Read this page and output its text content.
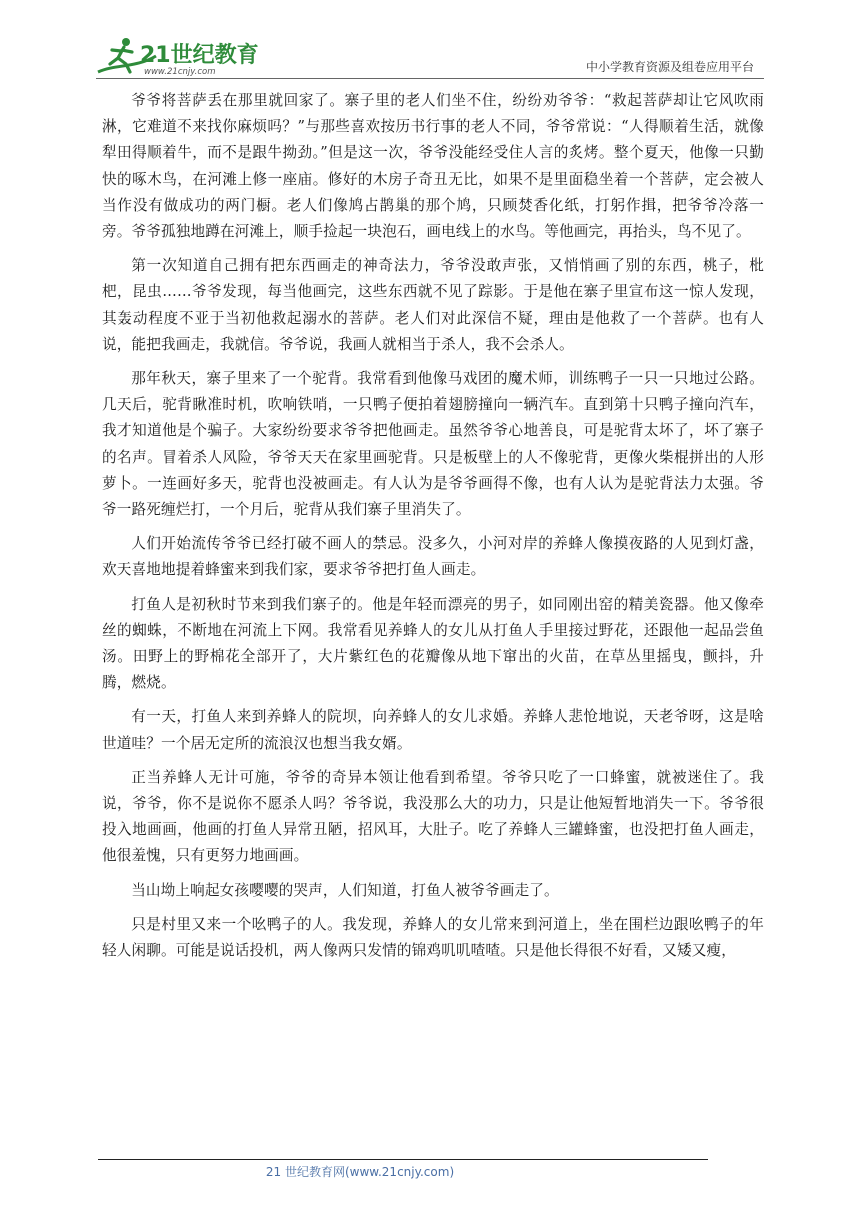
21世纪教育
www.21cnjy.com	中小学教育资源及组卷应用平台

爷爷将菩萨丢在那里就回家了。寨子里的老人们坐不住，纷纷劝爷爷：“救起菩萨却让它风吹雨淋，它难道不来找你麻烦吗？”与那些喜欢按历书行事的老人不同，爷爷常说：“人得顺着生活，就像犁田得顺着牛，而不是跟牛拗劲。”但是这一次，爷爷没能经受住人言的炙烤。整个夏天，他像一只勤快的啄木鸟，在河滩上修一座庙。修好的木房子奇丑无比，如果不是里面稳坐着一个菩萨，定会被人当作没有做成功的两门橱。老人们像鸠占鹊巢的那个鸠，只顾焚香化纸，打躬作揖，把爷爷冷落一旁。爷爷孤独地蹲在河滩上，顺手捡起一块泡石，画电线上的水鸟。等他画完，再抬头，鸟不见了。

第一次知道自己拥有把东西画走的神奇法力，爷爷没敢声张，又悄悄画了别的东西，桃子，枇杷，昆虫……爷爷发现，每当他画完，这些东西就不见了踪影。于是他在寨子里宣布这一惊人发现，其轰动程度不亚于当初他救起溺水的菩萨。老人们对此深信不疑，理由是他救了一个菩萨。也有人说，能把我画走，我就信。爷爷说，我画人就相当于杀人，我不会杀人。

那年秋天，寨子里来了一个驼背。我常看到他像马戏团的魔术师，训练鸭子一只一只地过公路。几天后，驼背瞅准时机，吹响铁哨，一只鸭子便拍着翅膀撞向一辆汽车。直到第十只鸭子撞向汽车，我才知道他是个骗子。大家纷纷要求爷爷把他画走。虽然爷爷心地善良，可是驼背太坏了，坏了寨子的名声。冒着杀人风险，爷爷天天在家里画驼背。只是板壁上的人不像驼背，更像火柴棍拼出的人形萝卜。一连画好多天，驼背也没被画走。有人认为是爷爷画得不像，也有人认为是驼背法力太强。爷爷一路死缠烂打，一个月后，驼背从我们寨子里消失了。

人们开始流传爷爷已经打破不画人的禁忌。没多久，小河对岸的养蜂人像摸夜路的人见到灯盏，欢天喜地地提着蜂蜜来到我们家，要求爷爷把打鱼人画走。

打鱼人是初秋时节来到我们寨子的。他是年轻而漂亮的男子，如同刚出窑的精美瓷器。他又像牵丝的蜘蛛，不断地在河流上下网。我常看见养蜂人的女儿从打鱼人手里接过野花，还跟他一起品尝鱼汤。田野上的野棉花全部开了，大片紫红色的花瓣像从地下窜出的火苗，在草丛里摇曳，颤抖，升腾，燃烧。

有一天，打鱼人来到养蜂人的院坝，向养蜂人的女儿求婚。养蜂人悲怆地说，天老爷呀，这是啥世道哇？一个居无定所的流浪汉也想当我女婿。

正当养蜂人无计可施，爷爷的奇异本领让他看到希望。爷爷只吃了一口蜂蜜，就被迷住了。我说，爷爷，你不是说你不愿杀人吗？爷爷说，我没那么大的功力，只是让他短暂地消失一下。爷爷很投入地画画，他画的打鱼人异常丑陋，招风耳，大肚子。吃了养蜂人三罐蜂蜜，也没把打鱼人画走，他很羞愧，只有更努力地画画。

当山坳上响起女孩嘤嘤的哭声，人们知道，打鱼人被爷爷画走了。

只是村里又来一个吆鸭子的人。我发现，养蜂人的女儿常来到河道上，坐在围栏边跟吆鸭子的年轻人闲聊。可能是说话投机，两人像两只发情的锦鸡叽叽喳喳。只是他长得很不好看，又矮又瘦，

21 世纪教育网(www.21cnjy.com)
